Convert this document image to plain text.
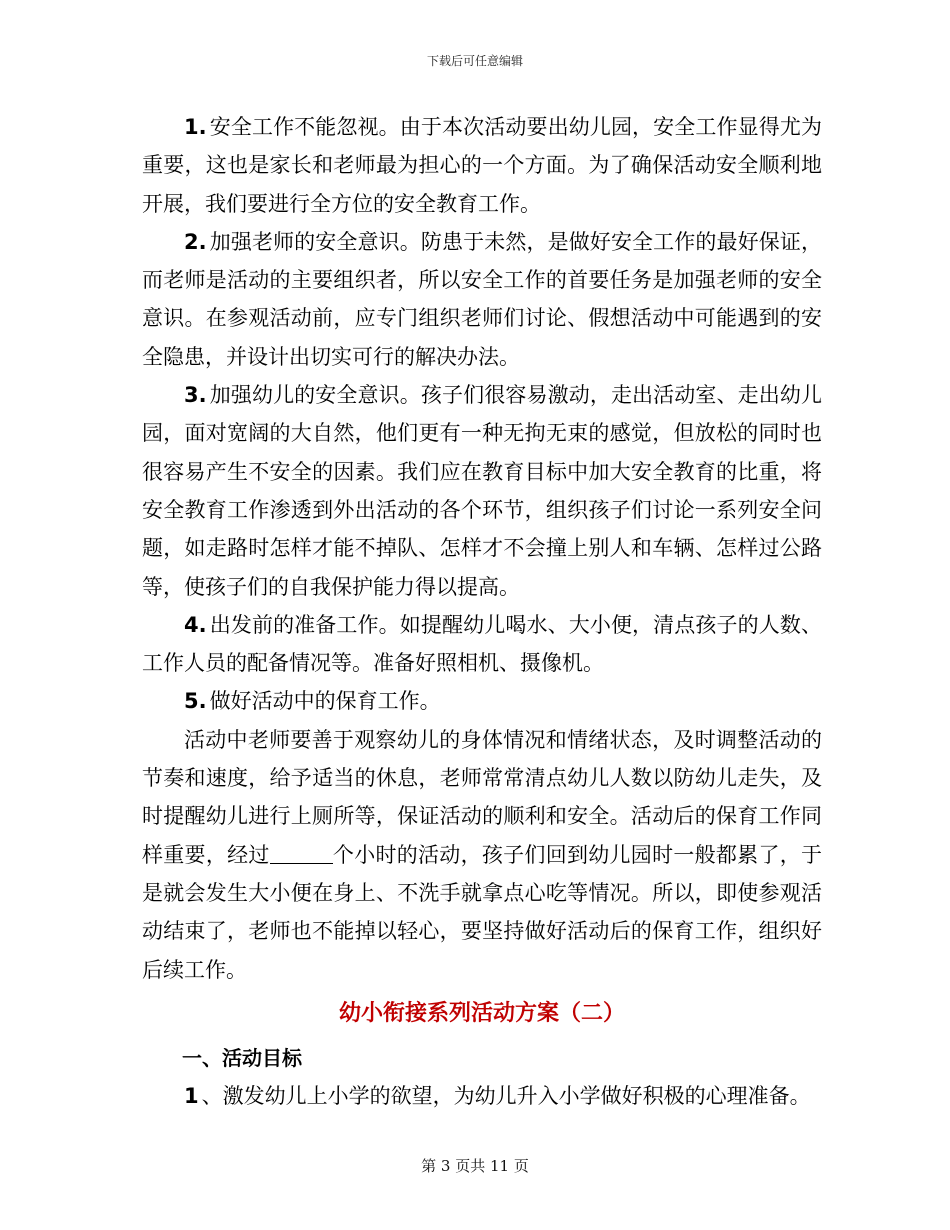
下载后可任意编辑

1. 安全工作不能忽视。由于本次活动要出幼儿园，安全工作显得尤为重要，这也是家长和老师最为担心的一个方面。为了确保活动安全顺利地开展，我们要进行全方位的安全教育工作。

2. 加强老师的安全意识。防患于未然，是做好安全工作的最好保证，而老师是活动的主要组织者，所以安全工作的首要任务是加强老师的安全意识。在参观活动前，应专门组织老师们讨论、假想活动中可能遇到的安全隐患，并设计出切实可行的解决办法。

3. 加强幼儿的安全意识。孩子们很容易激动，走出活动室、走出幼儿园，面对宽阔的大自然，他们更有一种无拘无束的感觉，但放松的同时也很容易产生不安全的因素。我们应在教育目标中加大安全教育的比重，将安全教育工作渗透到外出活动的各个环节，组织孩子们讨论一系列安全问题，如走路时怎样才能不掉队、怎样才不会撞上别人和车辆、怎样过公路等，使孩子们的自我保护能力得以提高。

4. 出发前的准备工作。如提醒幼儿喝水、大小便，清点孩子的人数、工作人员的配备情况等。准备好照相机、摄像机。

5. 做好活动中的保育工作。

活动中老师要善于观察幼儿的身体情况和情绪状态，及时调整活动的节奏和速度，给予适当的休息，老师常常清点幼儿人数以防幼儿走失，及时提醒幼儿进行上厕所等，保证活动的顺利和安全。活动后的保育工作同样重要，经过	个小时的活动，孩子们回到幼儿园时一般都累了，于是就会发生大小便在身上、不洗手就拿点心吃等情况。所以，即使参观活动结束了，老师也不能掉以轻心，要坚持做好活动后的保育工作，组织好后续工作。

幼小衔接系列活动方案（二）
一、活动目标

1 、激发幼儿上小学的欲望，为幼儿升入小学做好积极的心理准备。

第 3 页共 11 页
